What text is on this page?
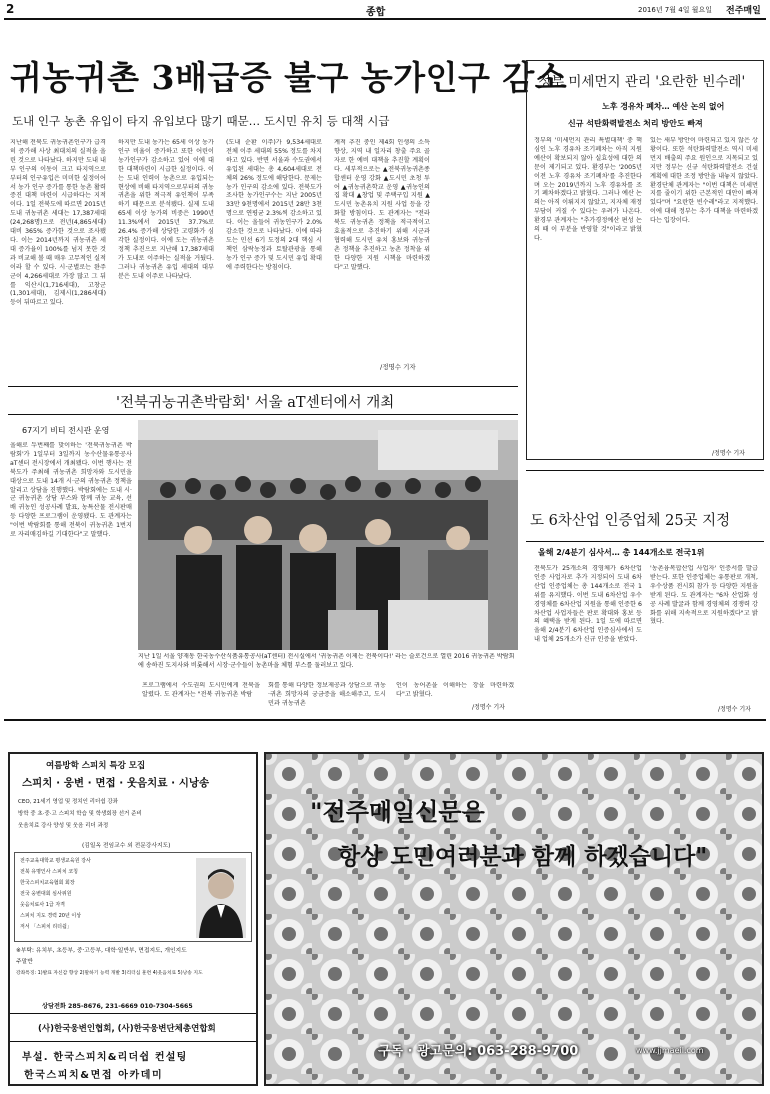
2	종합	2016년 7월 4일 월요일 전주매일
귀농귀촌 3배급증 불구 농가인구 감소
도내 인구 농촌 유입이 타지 유입보다 많기 때문… 도시민 유치 등 대책 시급
지난해 전북도 귀농귀촌인구가 급격히 증가해 사상 최대치의 실적을 올린 것으로 나타났다. 하지만 도내 내부 인구의 이동이 크고 타지역으로부터의 인구유입은 미미한 실정이어서 농가 인구 증가를 통한 농촌 활력증진 대책 마련이 시급하다는 지적이다. 1일 전북도에 따르면 2015년 도내 귀농귀촌 세대는 17,387세대(24,268명)으로 전년(4,865세대) 대비 365% 증가한 것으로 조사됐다. 이는 2014년까지 귀농귀촌 세대 증가율이 100%를 넘지 못한 것과 비교해 볼 때 매우 고무적인 실적이라 할 수 있다. 시·군별로는 완주군이 4,266세대로 가장 많고 그 뒤를 익산시(1,716세대), 고창군(1,301세대), 김제시(1,286세대) 등이 뒤따르고 있다.
하지만 도내 농가는 65세 이상 농가인구 비율이 증가하고 또한 어린이 농가인구가 감소하고 있어 이에 대한 대책마련이 시급한 실정이다. 이는 도내 인력이 농촌으로 유입되는 현상에 비해 타지역으로부터의 귀농귀촌을 위한 적극적 유인책이 부족하기 때문으로 분석됐다. 실제 도내 65세 이상 농가의 비중은 1990년 11.3%에서 2015년 37.7%로 26.4% 증가해 상당한 고령화가 심각한 실정이다. 이에 도는 귀농귀촌 정책 추진으로 지난해 17,387세대가 도내로 이주하는 실적을 거뒀다. 그러나 귀농귀촌 유입 세대의 대부분은 도내 이주로 나타났다.
(도내 순환 이주)가 9,534세대로 전체 이주 세대의 55% 정도를 차지하고 있다. 반면 서울과 수도권에서 유입된 세대는 총 4,604세대로 전체의 26% 정도에 해당한다. 문제는 농가 인구의 감소에 있다. 전북도가 조사한 농가인구수는 지난 2005년 33만 9천명에서 2015년 28만 3천명으로 연평균 2.3%씩 감소하고 있다. 이는 올들어 귀농인구가 2.0% 감소한 것으로 나타났다. 이에 따라 도는 민선 6기 도정의 2대 핵심 시책인 삼락농정과 토탈관광을 통해 농가 인구 증가 및 도시민 유입 확대에 주력한다는 방침이다.
계적 추진 중인 제4회 인생의 소득 향상, 지역 내 일자리 창출 주요 골자로 한 예비 대책을 추진할 계획이다. 세부적으로는 ▲전북귀농귀촌종합센터 운영 강화 ▲도시민 초청 투어 ▲귀농귀촌학교 운영 ▲귀농인의 집 확대 ▲창업 및 주택구입 지원 ▲도시민 농촌유치 지원 사업 등을 강화할 방침이다. 도 관계자는 "전라북도 귀농귀촌 정책을 적극적이고 효율적으로 추진하기 위해 시군과 협력해 도시민 유치 홍보와 귀농귀촌 정책을 추진하고 농촌 정착을 위한 다양한 지원 시책을 마련하겠다"고 말했다.
/정명수 기자
정부 미세먼지 관리 '요란한 빈수레'
노후 경유차 폐차… 예산 논의 없어
신규 석탄화력발전소 처리 방안도 빠져
정부의 '미세먼지 관리 특별대책' 중 핵심인 노후 경유차 조기폐차는 아직 지원 예산이 확보되지 않아 실효성에 대한 의문이 제기되고 있다. 환경부는 '2005년 이전 노후 경유차 조기폐차'를 추진한다며 오는 2019년까지 노후 경유차를 조기 폐차하겠다고 밝혔다. 그러나 예산 논의는 아직 이뤄지지 않았고, 지자체 재정 부담이 커질 수 있다는 우려가 나온다. 환경부 관계자는 "추가경정예산 편성 논의 때 이 부분을 반영할 것"이라고 밝혔다.
있는 새부 방안이 마련되고 있지 않은 상황이다. 또한 석탄화력발전소 역시 미세먼지 배출의 주요 원인으로 지목되고 있지만 정부는 신규 석탄화력발전소 건설 계획에 대한 조정 방안을 내놓지 않았다. 환경단체 관계자는 "이번 대책은 미세먼지를 줄이기 위한 근본적인 대안이 빠져 있다"며 "요란한 빈수레"라고 지적했다. 이에 대해 정부는 추가 대책을 마련하겠다는 입장이다.
/정명수 기자
'전북귀농귀촌박람회' 서울 aT센터에서 개최
67지기 비티 전시관 운영
올해로 두번째를 맞이하는 '전북귀농귀촌 박람회'가 1일부터 3일까지 농수산물유통공사 aT센터 전시장에서 개최됐다. 이번 행사는 전북도가 주최해 귀농귀촌 희망자와 도시민을 대상으로 도내 14개 시·군의 귀농귀촌 정책을 알리고 상담을 진행했다. 박람회에는 도내 시·군 귀농귀촌 상담 부스와 함께 귀농 교육, 선배 귀농인 성공사례 발표, 농특산물 전시판매 등 다양한 프로그램이 운영됐다. 도 관계자는 "이번 박람회를 통해 전북이 귀농귀촌 1번지로 자리매김하길 기대한다"고 말했다.
지난 1일 서울 양재동 한국농수산식품유통공사(aT센터) 전시실에서 '귀농귀촌 이제는 전북이다!' 라는 슬로건으로 열린 2016 귀농귀촌 박람회에 송하진 도지사와 비롯해서 시장·군수들이 농촌마을 체험 부스를 둘러보고 있다.
프로그램에서 수도권의 도시민에게 전북을 알렸다. 도 관계자는 "전북 귀농귀촌 박람
회를 통해 다양한 정보제공과 상담으로 귀농·귀촌 희망자의 궁금증을 해소해주고, 도시민과 귀농귀촌
인이 농어촌을 이해하는 장을 마련하겠다"고 밝혔다.
/정명수 기자
도 6차산업 인증업체 25곳 지정
올해 2/4분기 심사서… 총 144개소로 전국1위
전북도가 25개소의 경영체가 6차산업 인증 사업자로 추가 지정되어 도내 6차산업 인증업체는 총 144개소로 전국 1위를 유지했다. 이번 도내 6차산업 우수경영체를 6차산업 지원을 통해 인증한 6차산업 사업자들은 판로 확대와 홍보 등의 혜택을 받게 된다. 1일 도에 따르면 올해 2/4분기 6차산업 인증심사에서 도내 업체 25개소가 신규 인증을 받았다.
'농촌융복합산업 사업자' 인증서를 발급받는다. 또한 인증업체는 유통판로 개척, 우수상품 전시회 참가 등 다양한 지원을 받게 된다. 도 관계자는 "6차 산업화 성공 사례 발굴과 함께 경영체의 경쟁력 강화를 위해 지속적으로 지원하겠다"고 밝혔다.
/정명수 기자
여름방학 스피치 특강 모집
스피치 · 웅변 · 면접 · 웃음치료 · 시낭송
CEO, 21세기 영업 및 정치인 리더쉽 강좌
방학 중 초·중·고 스피치 학습 및 학생회장 선거 준비
웃음치료 강사 양성 및 웃음 리더 과정
(김일옥 전임교수 외 전문강사지도)
전주교육대학교 평생교육원 강사
전북 유명인사 스피치 코칭
한국스피치교육협회 회장
전국 웅변대회 심사위원
웃음치료사 1급 자격
스피치 지도 경력 20년 이상
저서 「스피치 리더쉽」
※부탁: 유치부, 초등부, 중·고등부, 대학·일반부, 면접지도, 개인지도 주말반
강좌특징: 1)발표 자신감 향상 2)말하기 능력 개발 3)리더십 훈련 4)웃음치료 5)낭송 지도
상담전화 285-8676, 231-6669 010-7304-5665
(사)한국웅변인협회, (사)한국웅변단체총연합회
부설. 한국스피치&리더쉽 컨설팅
한국스피치&면접 아카데미
"전주매일신문은
항상 도민여러분과 함께 하겠습니다"
구독 · 광고문의: 063-288-9700	www.jjmaeil.com
